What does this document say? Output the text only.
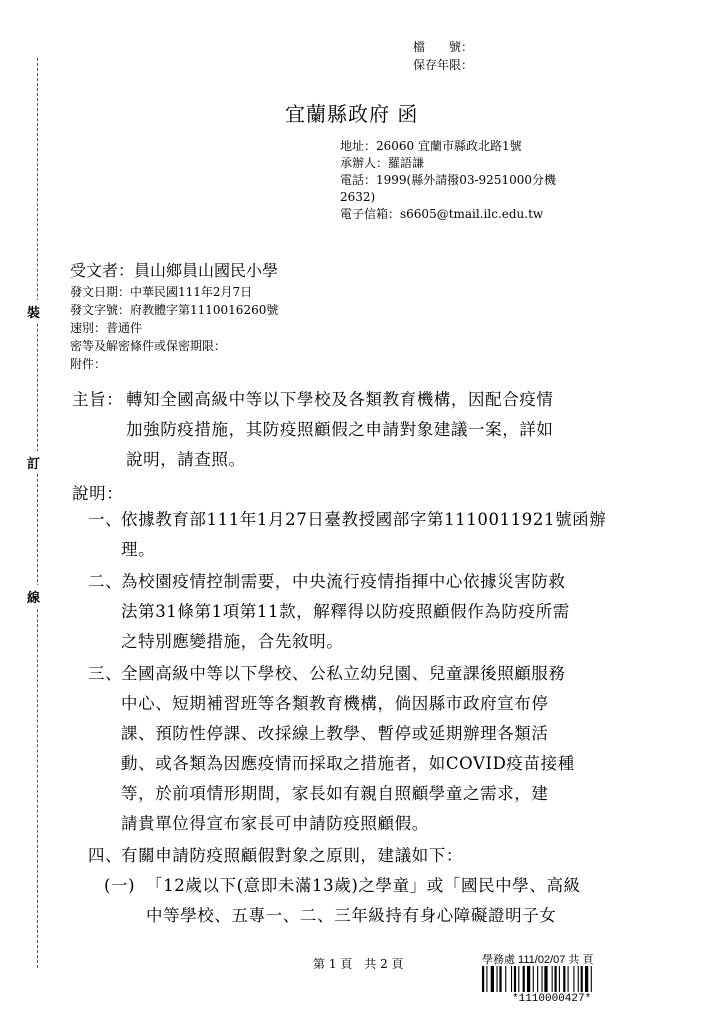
裝
訂
線
檔　　號：
保存年限：
宜蘭縣政府 函
地址：26060 宜蘭市縣政北路1號
承辦人：羅語謙
電話：1999(縣外請撥03-9251000分機
2632)
電子信箱：s6605@tmail.ilc.edu.tw
受文者：員山鄉員山國民小學
發文日期：中華民國111年2月7日
發文字號：府教體字第1110016260號
速別：普通件
密等及解密條件或保密期限：
附件：
主旨： 轉知全國高級中等以下學校及各類教育機構，因配合疫情
加強防疫措施，其防疫照顧假之申請對象建議一案，詳如
說明，請查照。
說明：
一、
依據教育部111年1月27日臺教授國部字第1110011921號函辦
理。
二、
為校園疫情控制需要，中央流行疫情指揮中心依據災害防救
法第31條第1項第11款，解釋得以防疫照顧假作為防疫所需
之特別應變措施，合先敘明。
三、
全國高級中等以下學校、公私立幼兒園、兒童課後照顧服務
中心、短期補習班等各類教育機構，倘因縣市政府宣布停
課、預防性停課、改採線上教學、暫停或延期辦理各類活
動、或各類為因應疫情而採取之措施者，如COVID疫苗接種
等，於前項情形期間，家長如有親自照顧學童之需求，建
請貴單位得宣布家長可申請防疫照顧假。
四、
有關申請防疫照顧假對象之原則，建議如下：
(一) 「12歲以下(意即未滿13歲)之學童」或「國民中學、高級
中等學校、五專一、二、三年級持有身心障礙證明子女
第 1 頁　共 2 頁	學務處 111/02/07 共 頁
*1110000427*
